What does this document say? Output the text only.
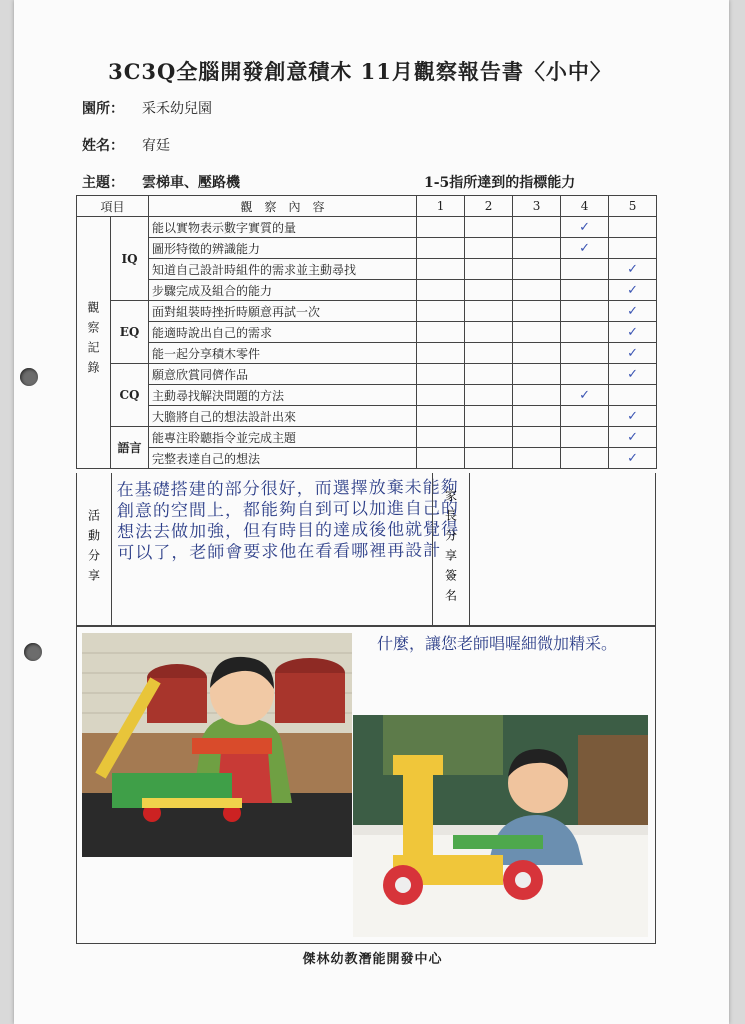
3C3Q全腦開發創意積木 11月觀察報告書〈小中〉
園所： 采禾幼兒園
姓名： 宥廷
主題： 雲梯車、壓路機	1-5指所達到的指標能力
項目		觀　察　內　容	1	2	3	4	5
觀察記錄	IQ	能以實物表示數字實質的量				✓	
		圖形特徵的辨識能力				✓	
		知道自己設計時組件的需求並主動尋找					✓
		步驟完成及組合的能力					✓
	EQ	面對組裝時挫折時願意再試一次					✓
		能適時說出自己的需求					✓
		能一起分享積木零件					✓
	CQ	願意欣賞同儕作品					✓
		主動尋找解決問題的方法				✓	
		大膽將自己的想法設計出來					✓
	語言	能專注聆聽指令並完成主題					✓
		完整表達自己的想法					✓
活動分享
在基礎搭建的部分很好，而選擇放棄未能夠創意的空間上，都能夠自到可以加進自己的想法去做加強，但有時目的達成後他就覺得可以了，老師會要求他在看看哪裡再設計 家長分享簽名
什麼，讓您老師唱喔細微加精采。
傑林幼教潛能開發中心
